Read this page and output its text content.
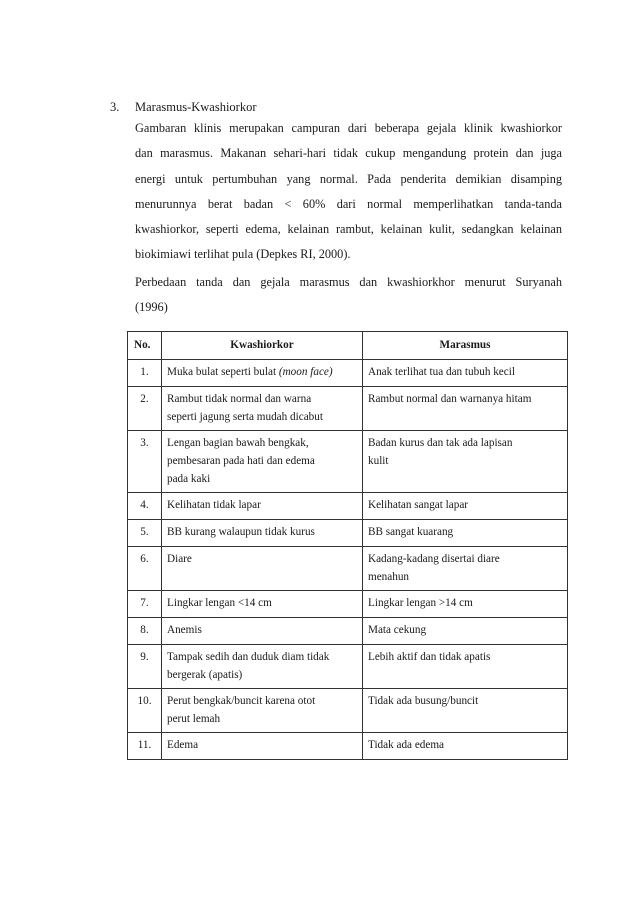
3. Marasmus-Kwashiorkor
Gambaran klinis merupakan campuran dari beberapa gejala klinik kwashiorkor
dan marasmus. Makanan sehari-hari tidak cukup mengandung protein dan juga
energi untuk pertumbuhan yang normal. Pada penderita demikian disamping
menurunnya berat badan < 60% dari normal memperlihatkan tanda-tanda
kwashiorkor, seperti edema, kelainan rambut, kelainan kulit, sedangkan kelainan
biokimiawi terlihat pula (Depkes RI, 2000).
Perbedaan tanda dan gejala marasmus dan kwashiorkhor menurut Suryanah
(1996)
No.	Kwashiorkor	Marasmus
1.	Muka bulat seperti bulat (moon face)	Anak terlihat tua dan tubuh kecil

2.	Rambut tidak normal dan warna
seperti jagung serta mudah dicabut	Rambut normal dan warnanya hitam

3.	Lengan bagian bawah bengkak,
pembesaran pada hati dan edema
pada kaki	Badan kurus dan tak ada lapisan
kulit

4.	Kelihatan tidak lapar	Kelihatan sangat lapar

5.	BB kurang walaupun tidak kurus	BB sangat kuarang

6.	Diare	Kadang-kadang disertai diare
menahun

7.	Lingkar lengan <14 cm	Lingkar lengan >14 cm

8.	Anemis	Mata cekung

9.	Tampak sedih dan duduk diam tidak
bergerak (apatis)	Lebih aktif dan tidak apatis

10.	Perut bengkak/buncit karena otot
perut lemah	Tidak ada busung/buncit

11.	Edema	Tidak ada edema
